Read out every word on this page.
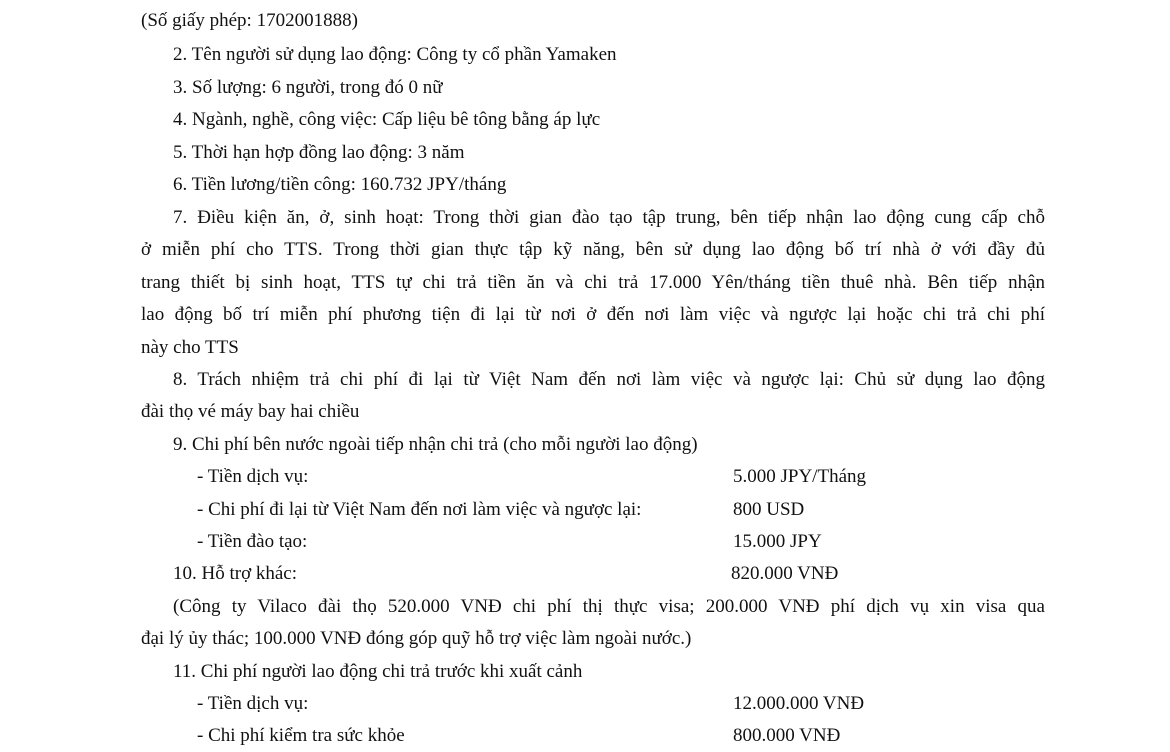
(Số giấy phép: 1702001888)
2. Tên người sử dụng lao động: Công ty cổ phần Yamaken
3. Số lượng: 6 người, trong đó 0 nữ
4. Ngành, nghề, công việc: Cấp liệu bê tông bằng áp lực
5. Thời hạn hợp đồng lao động: 3 năm
6. Tiền lương/tiền công: 160.732 JPY/tháng
7. Điều kiện ăn, ở, sinh hoạt: Trong thời gian đào tạo tập trung, bên tiếp nhận lao động cung cấp chỗ
ở miễn phí cho TTS. Trong thời gian thực tập kỹ năng, bên sử dụng lao động bố trí nhà ở với đầy đủ
trang thiết bị sinh hoạt, TTS tự chi trả tiền ăn và chi trả 17.000 Yên/tháng tiền thuê nhà. Bên tiếp nhận
lao động bố trí miễn phí phương tiện đi lại từ nơi ở đến nơi làm việc và ngược lại hoặc chi trả chi phí
này cho TTS
8. Trách nhiệm trả chi phí đi lại từ Việt Nam đến nơi làm việc và ngược lại: Chủ sử dụng lao động
đài thọ vé máy bay hai chiều
9. Chi phí bên nước ngoài tiếp nhận chi trả (cho mỗi người lao động)
- Tiền dịch vụ:	5.000 JPY/Tháng
- Chi phí đi lại từ Việt Nam đến nơi làm việc và ngược lại:	800 USD
- Tiền đào tạo:	15.000 JPY
10. Hỗ trợ khác:	820.000 VNĐ
(Công ty Vilaco đài thọ 520.000 VNĐ chi phí thị thực visa; 200.000 VNĐ phí dịch vụ xin visa qua
đại lý ủy thác; 100.000 VNĐ đóng góp quỹ hỗ trợ việc làm ngoài nước.)
11. Chi phí người lao động chi trả trước khi xuất cảnh
- Tiền dịch vụ:	12.000.000 VNĐ
- Chi phí kiểm tra sức khỏe	800.000 VNĐ
